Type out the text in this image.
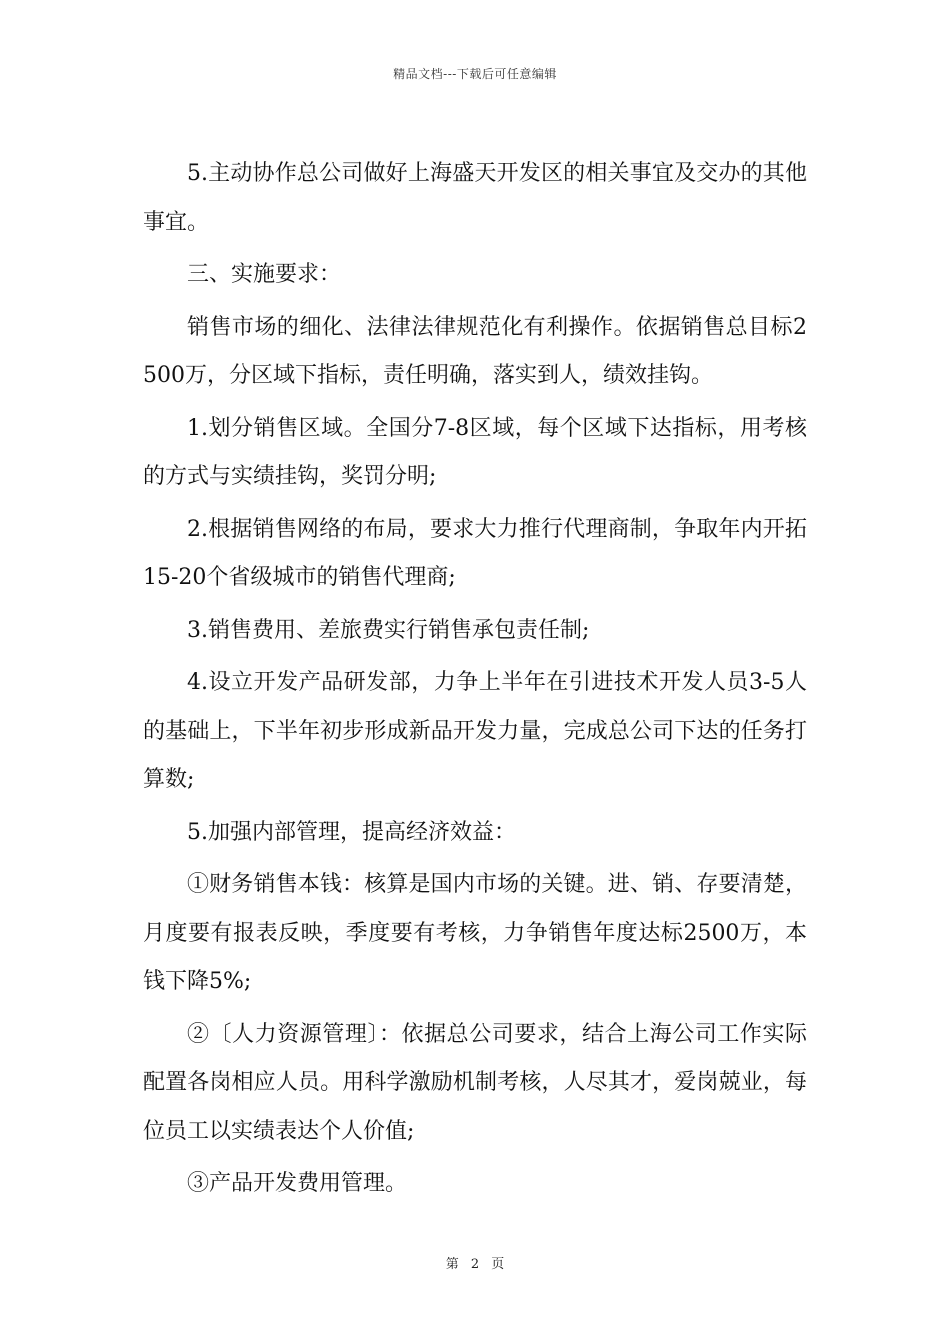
精品文档---下载后可任意编辑

5.主动协作总公司做好上海盛天开发区的相关事宜及交办的其他事宜。

三、实施要求：

销售市场的细化、法律法律规范化有利操作。依据销售总目标2500万，分区域下指标，责任明确，落实到人，绩效挂钩。

1.划分销售区域。全国分7-8区域，每个区域下达指标，用考核的方式与实绩挂钩，奖罚分明;

2.根据销售网络的布局，要求大力推行代理商制，争取年内开拓15-20个省级城市的销售代理商;

3.销售费用、差旅费实行销售承包责任制;

4.设立开发产品研发部，力争上半年在引进技术开发人员3-5人的基础上，下半年初步形成新品开发力量，完成总公司下达的任务打算数;

5.加强内部管理，提高经济效益：

①财务销售本钱：核算是国内市场的关键。进、销、存要清楚，月度要有报表反映，季度要有考核，力争销售年度达标2500万，本钱下降5%;

②〔人力资源管理〕：依据总公司要求，结合上海公司工作实际配置各岗相应人员。用科学激励机制考核，人尽其才，爱岗兢业，每位员工以实绩表达个人价值;

③产品开发费用管理。

第 2 页
